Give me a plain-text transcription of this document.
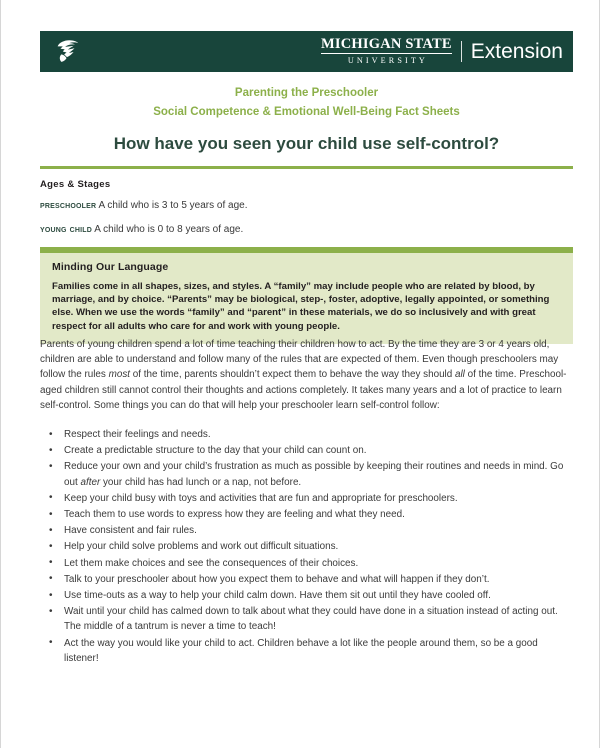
MICHIGAN STATE
UNIVERSITY	Extension

Parenting the Preschooler

Social Competence & Emotional Well-Being Fact Sheets

How have you seen your child use self-control?

Ages & Stages

preschooler A child who is 3 to 5 years of age.

young child A child who is 0 to 8 years of age.

Minding Our Language

Families come in all shapes, sizes, and styles. A “family” may include people who are related by blood, by marriage, and by choice. “Parents” may be biological, step-, foster, adoptive, legally appointed, or something else. When we use the words “family” and “parent” in these materials, we do so inclusively and with great respect for all adults who care for and work with young people.

Parents of young children spend a lot of time teaching their children how to act. By the time they are 3 or 4 years old, children are able to understand and follow many of the rules that are expected of them. Even though preschoolers may follow the rules most of the time, parents shouldn’t expect them to behave the way they should all of the time. Preschool-aged children still cannot control their thoughts and actions completely. It takes many years and a lot of practice to learn self-control. Some things you can do that will help your preschooler learn self-control follow:

• Respect their feelings and needs.
• Create a predictable structure to the day that your child can count on.
• Reduce your own and your child’s frustration as much as possible by keeping their routines and needs in mind. Go out after your child has had lunch or a nap, not before.
• Keep your child busy with toys and activities that are fun and appropriate for preschoolers.
• Teach them to use words to express how they are feeling and what they need.
• Have consistent and fair rules.
• Help your child solve problems and work out difficult situations.
• Let them make choices and see the consequences of their choices.
• Talk to your preschooler about how you expect them to behave and what will happen if they don’t.
• Use time-outs as a way to help your child calm down. Have them sit out until they have cooled off.
• Wait until your child has calmed down to talk about what they could have done in a situation instead of acting out. The middle of a tantrum is never a time to teach!
• Act the way you would like your child to act. Children behave a lot like the people around them, so be a good listener!
